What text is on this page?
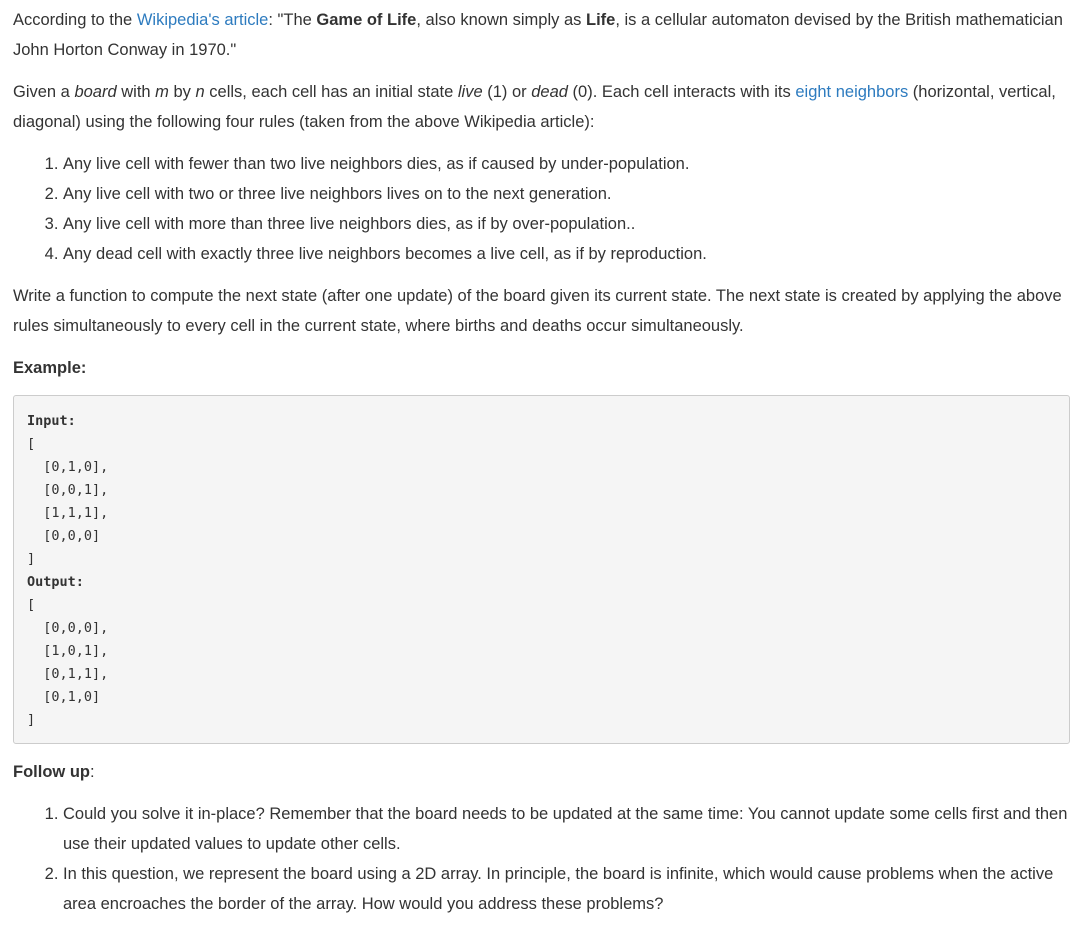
According to the Wikipedia's article: "The Game of Life, also known simply as Life, is a cellular automaton devised by the British mathematician John Horton Conway in 1970."

Given a board with m by n cells, each cell has an initial state live (1) or dead (0). Each cell interacts with its eight neighbors (horizontal, vertical, diagonal) using the following four rules (taken from the above Wikipedia article):

1. Any live cell with fewer than two live neighbors dies, as if caused by under-population.
2. Any live cell with two or three live neighbors lives on to the next generation.
3. Any live cell with more than three live neighbors dies, as if by over-population..
4. Any dead cell with exactly three live neighbors becomes a live cell, as if by reproduction.

Write a function to compute the next state (after one update) of the board given its current state. The next state is created by applying the above rules simultaneously to every cell in the current state, where births and deaths occur simultaneously.

Example:
Input:
[
[0,1,0],
[0,0,1],
[1,1,1],
[0,0,0]
]
Output:
[
[0,0,0],
[1,0,1],
[0,1,1],
[0,1,0]
]
Follow up:
1. Could you solve it in-place? Remember that the board needs to be updated at the same time: You cannot update some cells first and then use their updated values to update other cells.
2. In this question, we represent the board using a 2D array. In principle, the board is infinite, which would cause problems when the active area encroaches the border of the array. How would you address these problems?
